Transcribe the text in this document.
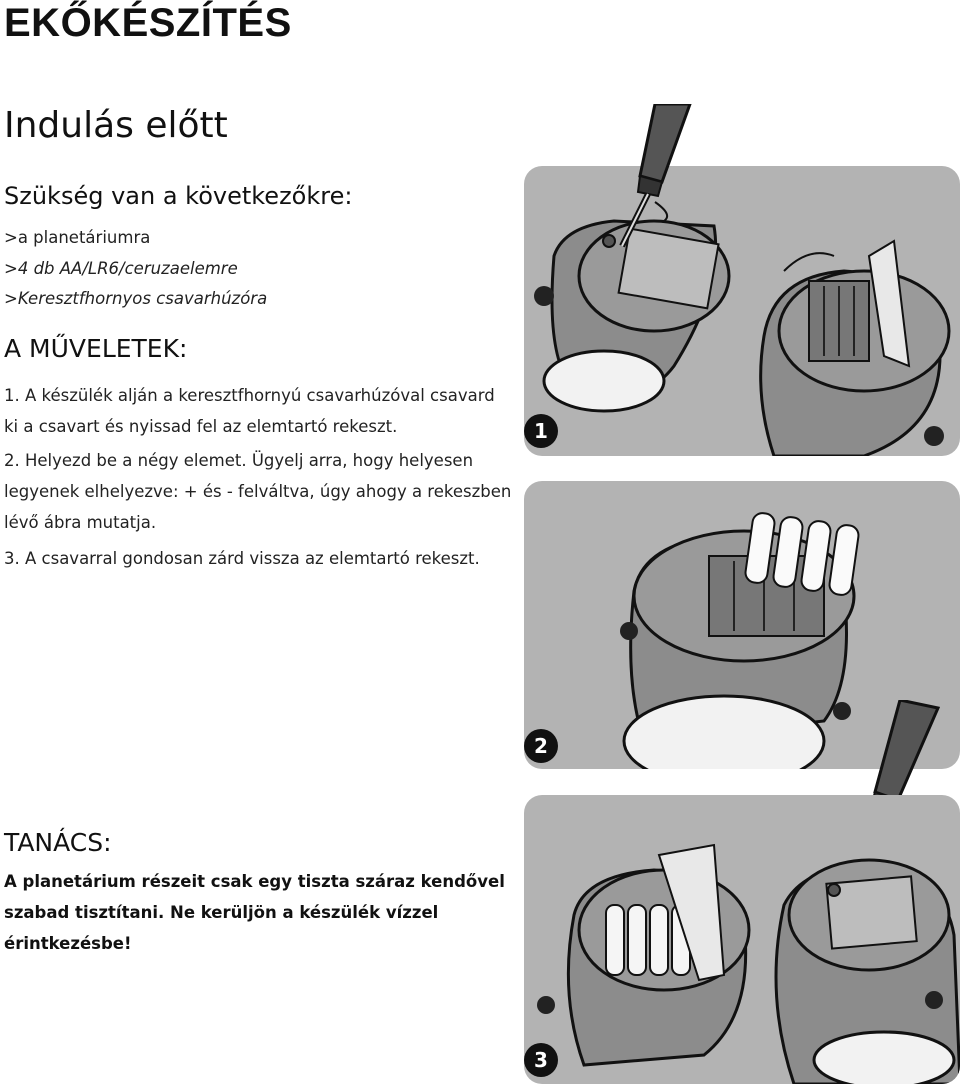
EKŐKÉSZÍTÉS
Indulás előtt
Szükség van a következőkre:

>a planetáriumra

>4 db AA/LR6/ceruzaelemre

>Keresztfhornyos csavarhúzóra

A MŰVELETEK:

1. A készülék alján a keresztfhornyú csavarhúzóval csavard ki a csavart és nyissad fel az elemtartó rekeszt.

2. Helyezd be a négy elemet. Ügyelj arra, hogy helyesen legyenek elhelyezve: + és - felváltva, úgy ahogy a rekeszben lévő ábra mutatja.

3. A csavarral gondosan zárd vissza az elemtartó rekeszt.

TANÁCS:

A planetárium részeit csak egy tiszta száraz kendővel szabad tisztítani. Ne kerüljön a készülék vízzel érintkezésbe!

1
2
3
